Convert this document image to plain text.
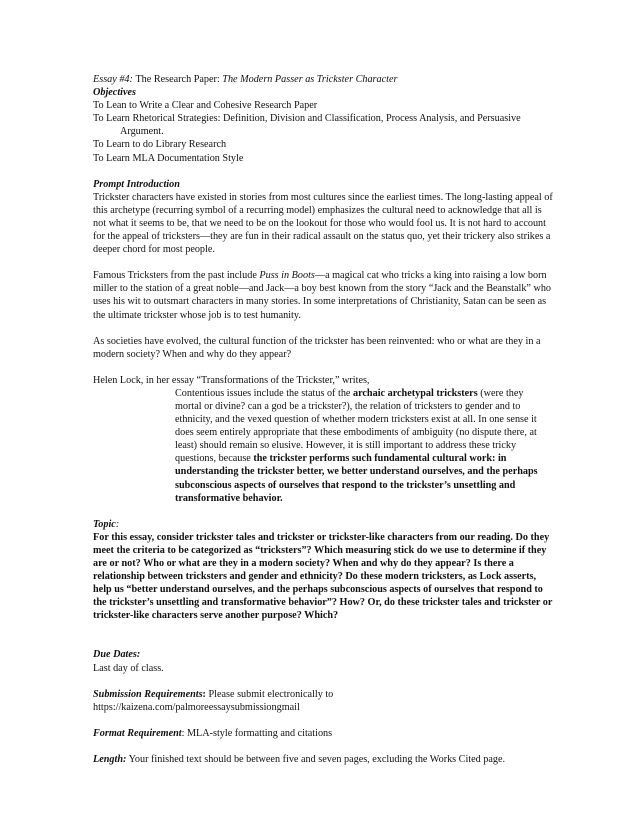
Essay #4: The Research Paper: The Modern Passer as Trickster Character

Objectives

To Lean to Write a Clear and Cohesive Research Paper

To Learn Rhetorical Strategies: Definition, Division and Classification, Process Analysis, and Persuasive Argument.

To Learn to do Library Research

To Learn MLA Documentation Style

Prompt Introduction

Trickster characters have existed in stories from most cultures since the earliest times. The long-lasting appeal of this archetype (recurring symbol of a recurring model) emphasizes the cultural need to acknowledge that all is not what it seems to be, that we need to be on the lookout for those who would fool us. It is not hard to account for the appeal of tricksters—they are fun in their radical assault on the status quo, yet their trickery also strikes a deeper chord for most people.

Famous Tricksters from the past include Puss in Boots—a magical cat who tricks a king into raising a low born miller to the station of a great noble—and Jack—a boy best known from the story “Jack and the Beanstalk” who uses his wit to outsmart characters in many stories. In some interpretations of Christianity, Satan can be seen as the ultimate trickster whose job is to test humanity.

As societies have evolved, the cultural function of the trickster has been reinvented: who or what are they in a modern society? When and why do they appear?

Helen Lock, in her essay “Transformations of the Trickster,” writes,

Contentious issues include the status of the archaic archetypal tricksters (were they mortal or divine? can a god be a trickster?), the relation of tricksters to gender and to ethnicity, and the vexed question of whether modern tricksters exist at all. In one sense it does seem entirely appropriate that these embodiments of ambiguity (no dispute there, at least) should remain so elusive. However, it is still important to address these tricky questions, because the trickster performs such fundamental cultural work: in understanding the trickster better, we better understand ourselves, and the perhaps subconscious aspects of ourselves that respond to the trickster’s unsettling and transformative behavior.

Topic:

For this essay, consider trickster tales and trickster or trickster-like characters from our reading. Do they meet the criteria to be categorized as “tricksters”? Which measuring stick do we use to determine if they are or not? Who or what are they in a modern society? When and why do they appear? Is there a relationship between tricksters and gender and ethnicity? Do these modern tricksters, as Lock asserts, help us “better understand ourselves, and the perhaps subconscious aspects of ourselves that respond to the trickster’s unsettling and transformative behavior”? How? Or, do these trickster tales and trickster or trickster-like characters serve another purpose? Which?

Due Dates:

Last day of class.

Submission Requirements: Please submit electronically to

https://kaizena.com/palmoreessaysubmissiongmail

Format Requirement: MLA-style formatting and citations

Length: Your finished text should be between five and seven pages, excluding the Works Cited page.
